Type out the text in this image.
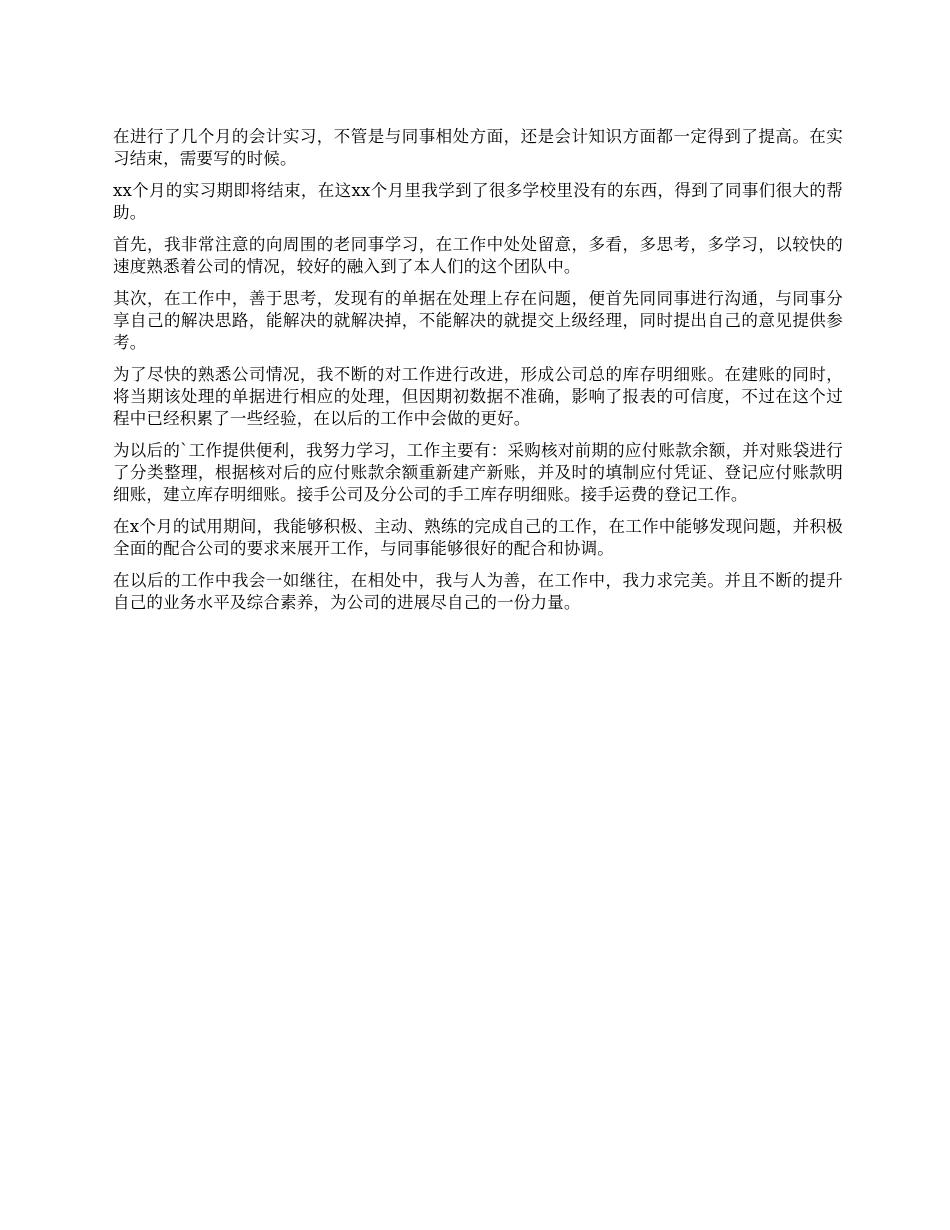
在进行了几个月的会计实习，不管是与同事相处方面，还是会计知识方面都一定得到了提高。在实习结束，需要写的时候。

xx个月的实习期即将结束，在这xx个月里我学到了很多学校里没有的东西，得到了同事们很大的帮助。

首先，我非常注意的向周围的老同事学习，在工作中处处留意，多看，多思考，多学习，以较快的速度熟悉着公司的情况，较好的融入到了本人们的这个团队中。

其次，在工作中，善于思考，发现有的单据在处理上存在问题，便首先同同事进行沟通，与同事分享自己的解决思路，能解决的就解决掉，不能解决的就提交上级经理，同时提出自己的意见提供参考。

为了尽快的熟悉公司情况，我不断的对工作进行改进，形成公司总的库存明细账。在建账的同时，将当期该处理的单据进行相应的处理，但因期初数据不准确，影响了报表的可信度，不过在这个过程中已经积累了一些经验，在以后的工作中会做的更好。

为以后的`工作提供便利，我努力学习，工作主要有：采购核对前期的应付账款余额，并对账袋进行了分类整理，根据核对后的应付账款余额重新建产新账，并及时的填制应付凭证、登记应付账款明细账，建立库存明细账。接手公司及分公司的手工库存明细账。接手运费的登记工作。

在x个月的试用期间，我能够积极、主动、熟练的完成自己的工作，在工作中能够发现问题，并积极全面的配合公司的要求来展开工作，与同事能够很好的配合和协调。

在以后的工作中我会一如继往，在相处中，我与人为善，在工作中，我力求完美。并且不断的提升自己的业务水平及综合素养，为公司的进展尽自己的一份力量。
